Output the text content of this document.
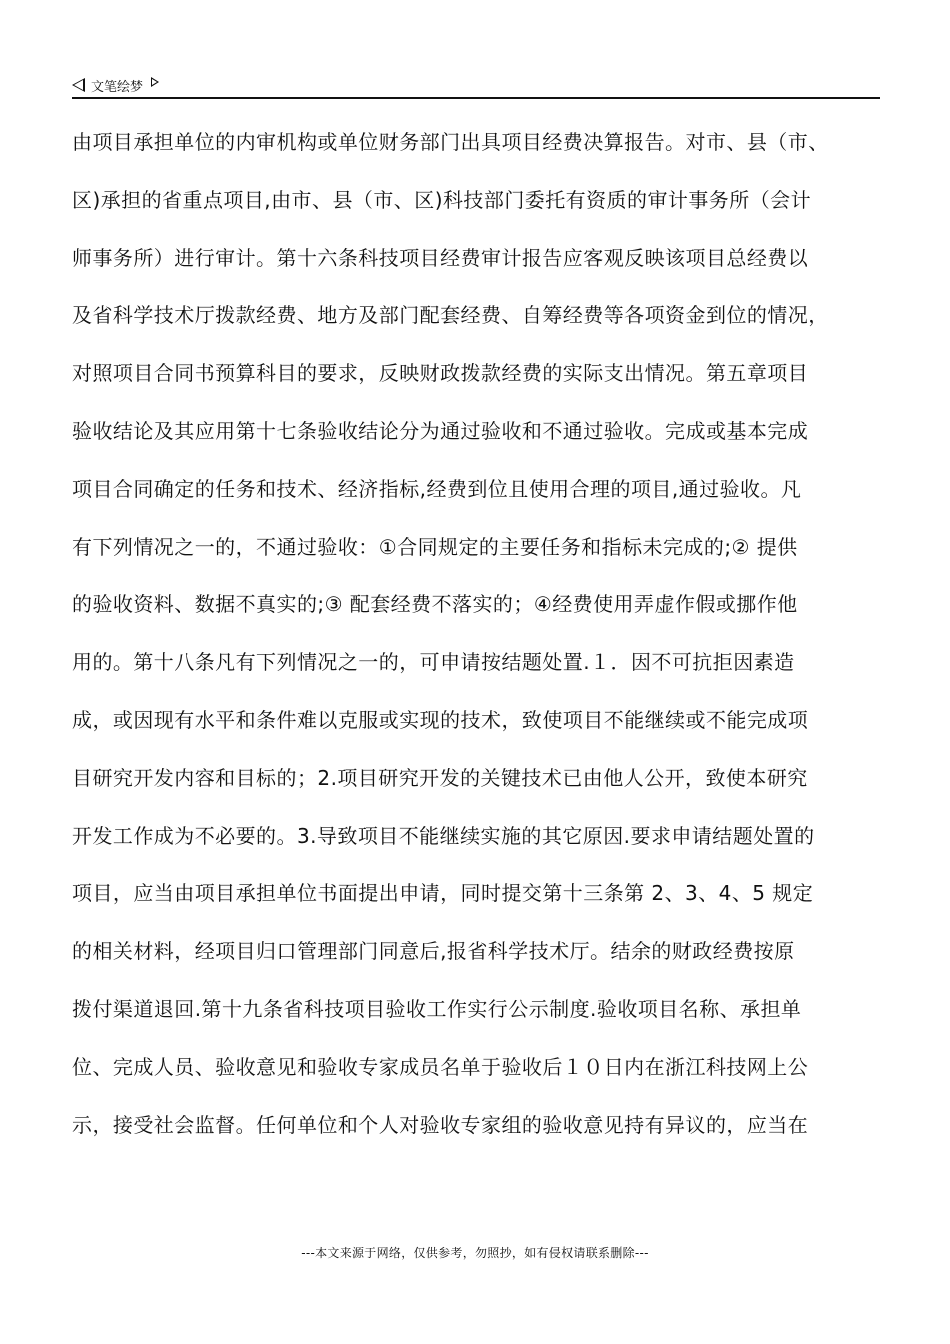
文笔绘梦
由项目承担单位的内审机构或单位财务部门出具项目经费决算报告。对市、县（市、
区)承担的省重点项目,由市、县（市、区)科技部门委托有资质的审计事务所（会计
师事务所）进行审计。第十六条科技项目经费审计报告应客观反映该项目总经费以
及省科学技术厅拨款经费、地方及部门配套经费、自筹经费等各项资金到位的情况，
对照项目合同书预算科目的要求，反映财政拨款经费的实际支出情况。第五章项目
验收结论及其应用第十七条验收结论分为通过验收和不通过验收。完成或基本完成
项目合同确定的任务和技术、经济指标,经费到位且使用合理的项目,通过验收。凡
有下列情况之一的，不通过验收：①合同规定的主要任务和指标未完成的;② 提供
的验收资料、数据不真实的;③ 配套经费不落实的；④经费使用弄虚作假或挪作他
用的。第十八条凡有下列情况之一的，可申请按结题处置.１．因不可抗拒因素造
成，或因现有水平和条件难以克服或实现的技术，致使项目不能继续或不能完成项
目研究开发内容和目标的；2.项目研究开发的关键技术已由他人公开，致使本研究
开发工作成为不必要的。3.导致项目不能继续实施的其它原因.要求申请结题处置的
项目，应当由项目承担单位书面提出申请，同时提交第十三条第 2、3、4、5 规定
的相关材料，经项目归口管理部门同意后,报省科学技术厅。结余的财政经费按原
拨付渠道退回.第十九条省科技项目验收工作实行公示制度.验收项目名称、承担单
位、完成人员、验收意见和验收专家成员名单于验收后１０日内在浙江科技网上公
示，接受社会监督。任何单位和个人对验收专家组的验收意见持有异议的，应当在
---本文来源于网络，仅供参考，勿照抄，如有侵权请联系删除---
